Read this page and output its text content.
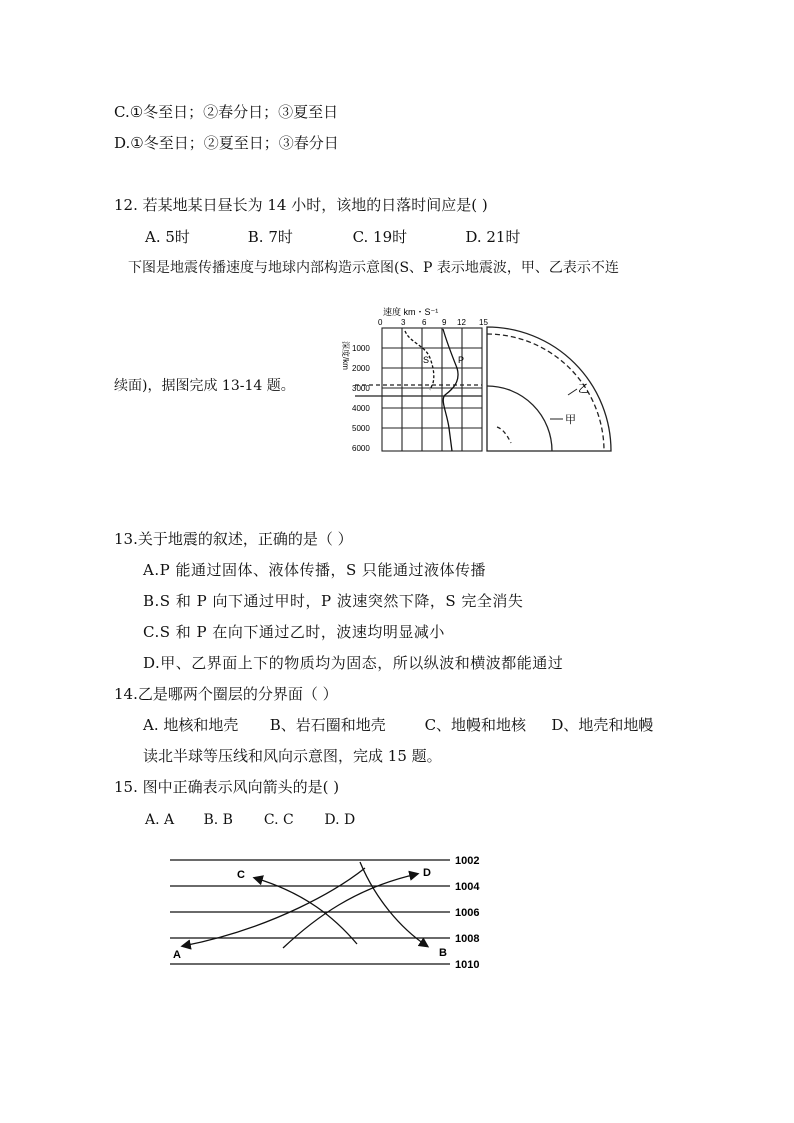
C.①冬至日；②春分日；③夏至日
D.①冬至日；②夏至日；③春分日
12. 若某地某日昼长为 14 小时，该地的日落时间应是( )
A. 5时	B. 7时	C. 19时	D. 21时
下图是地震传播速度与地球内部构造示意图(S、P 表示地震波，甲、乙表示不连
续面)，据图完成 13-14 题。
速度 km・S⁻¹
0 3 6 9 12 15
深度/km 1000
2000
3000
4000
5000
6000
S	P
乙
甲
13.关于地震的叙述，正确的是（ ）
A.P 能通过固体、液体传播，S 只能通过液体传播
B.S 和 P 向下通过甲时，P 波速突然下降，S 完全消失
C.S 和 P 在向下通过乙时，波速均明显减小
D.甲、乙界面上下的物质均为固态，所以纵波和横波都能通过
14.乙是哪两个圈层的分界面（ ）
A. 地核和地壳 B、岩石圈和地壳	C、地幔和地核 D、地壳和地幔
读北半球等压线和风向示意图，完成 15 题。
15. 图中正确表示风向箭头的是( )
A. A B. B C. C D. D
1002
1004
1006
1008
1010
A	B
C	D
